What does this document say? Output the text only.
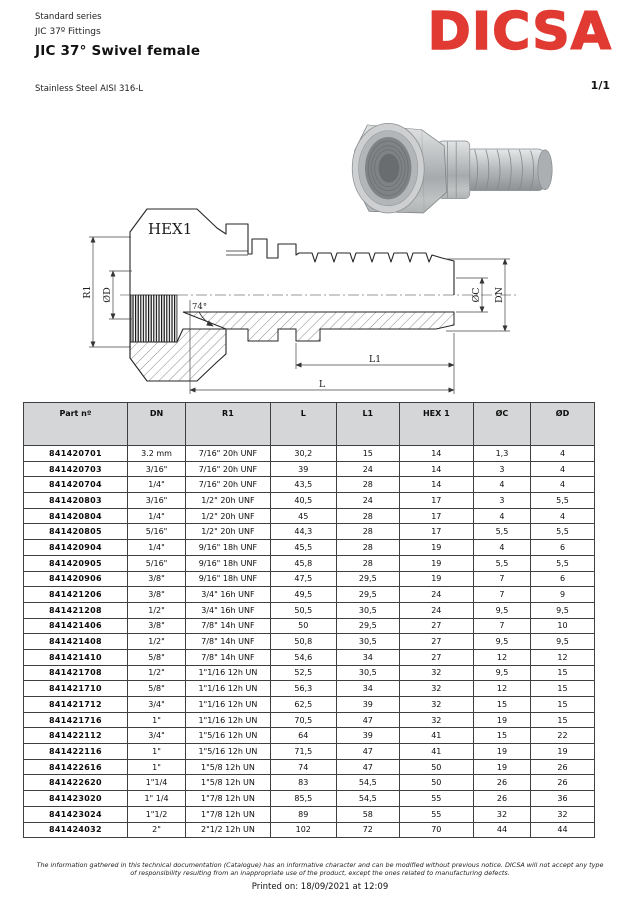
Standard series
JIC 37º Fittings
JIC 37° Swivel female	DICSA
Stainless Steel AISI 316-L	1/1
74°
HEX1
R1 ØD	ØC DN
L1
L
Part nº	DN	R1	L	L1	HEX 1	ØC	ØD
841420701	3.2 mm	7/16" 20h UNF	30,2	15	14	1,3	4
841420703	3/16"	7/16" 20h UNF	39	24	14	3	4
841420704	1/4"	7/16" 20h UNF	43,5	28	14	4	4
841420803	3/16"	1/2" 20h UNF	40,5	24	17	3	5,5
841420804	1/4"	1/2" 20h UNF	45	28	17	4	4
841420805	5/16"	1/2" 20h UNF	44,3	28	17	5,5	5,5
841420904	1/4"	9/16" 18h UNF	45,5	28	19	4	6
841420905	5/16"	9/16" 18h UNF	45,8	28	19	5,5	5,5
841420906	3/8"	9/16" 18h UNF	47,5	29,5	19	7	6
841421206	3/8"	3/4" 16h UNF	49,5	29,5	24	7	9
841421208	1/2"	3/4" 16h UNF	50,5	30,5	24	9,5	9,5
841421406	3/8"	7/8" 14h UNF	50	29,5	27	7	10
841421408	1/2"	7/8" 14h UNF	50,8	30,5	27	9,5	9,5
841421410	5/8"	7/8" 14h UNF	54,6	34	27	12	12
841421708	1/2"	1"1/16 12h UN	52,5	30,5	32	9,5	15
841421710	5/8"	1"1/16 12h UN	56,3	34	32	12	15
841421712	3/4"	1"1/16 12h UN	62,5	39	32	15	15
841421716	1"	1"1/16 12h UN	70,5	47	32	19	15
841422112	3/4"	1"5/16 12h UN	64	39	41	15	22
841422116	1"	1"5/16 12h UN	71,5	47	41	19	19
841422616	1"	1"5/8 12h UN	74	47	50	19	26
841422620	1"1/4	1"5/8 12h UN	83	54,5	50	26	26
841423020	1" 1/4	1"7/8 12h UN	85,5	54,5	55	26	36
841423024	1"1/2	1"7/8 12h UN	89	58	55	32	32
841424032	2"	2"1/2 12h UN	102	72	70	44	44
The information gathered in this technical documentation (Catalogue) has an informative character and can be modified without previous notice. DICSA will not accept any type
of responsibility resulting from an inappropriate use of the product, except the ones related to manufacturing defects.
Printed on: 18/09/2021 at 12:09
